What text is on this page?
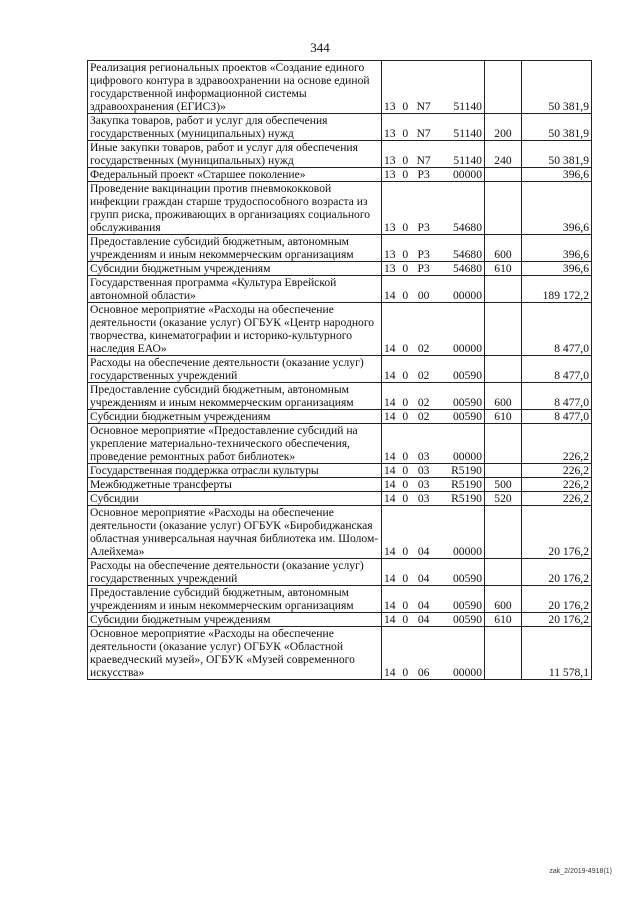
344
Реализация региональных проектов «Создание единого цифрового контура в здравоохранении на основе единой государственной информационной системы здравоохранения (ЕГИСЗ)»	13 0 N7 51140		50 381,9
Закупка товаров, работ и услуг для обеспечения государственных (муниципальных) нужд	13 0 N7 51140	200	50 381,9
Иные закупки товаров, работ и услуг для обеспечения государственных (муниципальных) нужд	13 0 N7 51140	240	50 381,9
Федеральный проект «Старшее поколение»	13 0 P3 00000		396,6
Проведение вакцинации против пневмококковой инфекции граждан старше трудоспособного возраста из групп риска, проживающих в организациях социального обслуживания	13 0 P3 54680		396,6
Предоставление субсидий бюджетным, автономным учреждениям и иным некоммерческим организациям	13 0 P3 54680	600	396,6
Субсидии бюджетным учреждениям	13 0 P3 54680	610	396,6
Государственная программа «Культура Еврейской автономной области»	14 0 00 00000		189 172,2
Основное мероприятие «Расходы на обеспечение деятельности (оказание услуг) ОГБУК «Центр народного творчества, кинематографии и историко-культурного наследия ЕАО»	14 0 02 00000		8 477,0
Расходы на обеспечение деятельности (оказание услуг) государственных учреждений	14 0 02 00590		8 477,0
Предоставление субсидий бюджетным, автономным учреждениям и иным некоммерческим организациям	14 0 02 00590	600	8 477,0
Субсидии бюджетным учреждениям	14 0 02 00590	610	8 477,0
Основное мероприятие «Предоставление субсидий на укрепление материально-технического обеспечения, проведение ремонтных работ библиотек»	14 0 03 00000		226,2
Государственная поддержка отрасли культуры	14 0 03 R5190		226,2
Межбюджетные трансферты	14 0 03 R5190	500	226,2
Субсидии	14 0 03 R5190	520	226,2
Основное мероприятие «Расходы на обеспечение деятельности (оказание услуг) ОГБУК «Биробиджанская областная универсальная научная библиотека им. Шолом-Алейхема»	14 0 04 00000		20 176,2
Расходы на обеспечение деятельности (оказание услуг) государственных учреждений	14 0 04 00590		20 176,2
Предоставление субсидий бюджетным, автономным учреждениям и иным некоммерческим организациям	14 0 04 00590	600	20 176,2
Субсидии бюджетным учреждениям	14 0 04 00590	610	20 176,2
Основное мероприятие «Расходы на обеспечение деятельности (оказание услуг) ОГБУК «Областной краеведческий музей», ОГБУК «Музей современного искусства»	14 0 06 00000		11 578,1
zak_2/2019-4918(1)
